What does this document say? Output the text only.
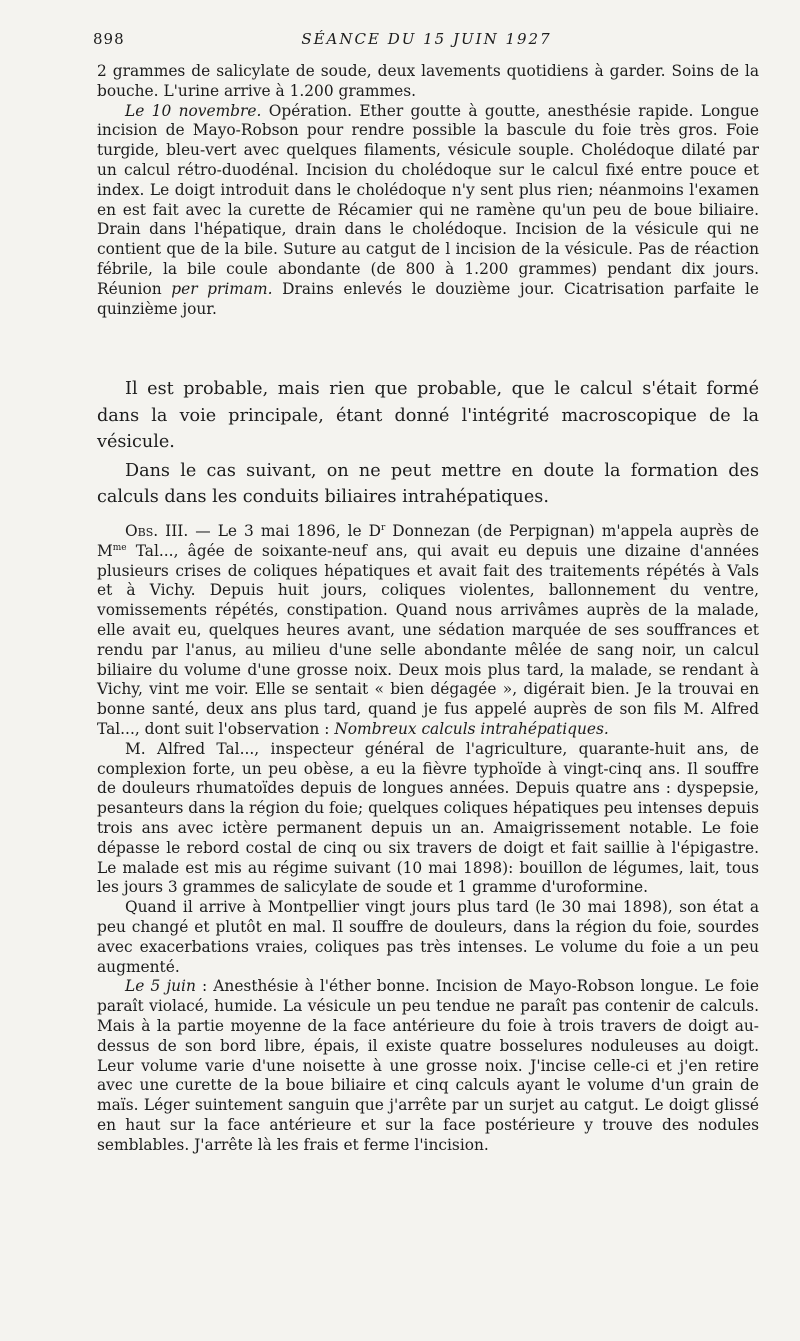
898	SÉANCE DU 15 JUIN 1927

2 grammes de salicylate de soude, deux lavements quotidiens à garder. Soins de la bouche. L'urine arrive à 1.200 grammes.

Le 10 novembre. Opération. Ether goutte à goutte, anesthésie rapide. Longue incision de Mayo-Robson pour rendre possible la bascule du foie très gros. Foie turgide, bleu-vert avec quelques filaments, vésicule souple. Cholédoque dilaté par un calcul rétro-duodénal. Incision du cholédoque sur le calcul fixé entre pouce et index. Le doigt introduit dans le cholédoque n'y sent plus rien; néanmoins l'examen en est fait avec la curette de Récamier qui ne ramène qu'un peu de boue biliaire. Drain dans l'hépatique, drain dans le cholédoque. Incision de la vésicule qui ne contient que de la bile. Suture au catgut de l incision de la vésicule. Pas de réaction fébrile, la bile coule abondante (de 800 à 1.200 grammes) pendant dix jours. Réunion per primam. Drains enlevés le douzième jour. Cicatrisation parfaite le quinzième jour.

Il est probable, mais rien que probable, que le calcul s'était formé dans la voie principale, étant donné l'intégrité macroscopique de la vésicule.

Dans le cas suivant, on ne peut mettre en doute la formation des calculs dans les conduits biliaires intrahépatiques.

Obs. III. — Le 3 mai 1896, le $D^r$ Donnezan (de Perpignan) m'appela auprès de $M^{me}$ Tal..., âgée de soixante-neuf ans, qui avait eu depuis une dizaine d'années plusieurs crises de coliques hépatiques et avait fait des traitements répétés à Vals et à Vichy. Depuis huit jours, coliques violentes, ballonnement du ventre, vomissements répétés, constipation. Quand nous arrivâmes auprès de la malade, elle avait eu, quelques heures avant, une sédation marquée de ses souffrances et rendu par l'anus, au milieu d'une selle abondante mêlée de sang noir, un calcul biliaire du volume d'une grosse noix. Deux mois plus tard, la malade, se rendant à Vichy, vint me voir. Elle se sentait « bien dégagée », digérait bien. Je la trouvai en bonne santé, deux ans plus tard, quand je fus appelé auprès de son fils M. Alfred Tal..., dont suit l'observation : Nombreux calculs intrahépatiques.

M. Alfred Tal..., inspecteur général de l'agriculture, quarante-huit ans, de complexion forte, un peu obèse, a eu la fièvre typhoïde à vingt-cinq ans. Il souffre de douleurs rhumatoïdes depuis de longues années. Depuis quatre ans : dyspepsie, pesanteurs dans la région du foie; quelques coliques hépatiques peu intenses depuis trois ans avec ictère permanent depuis un an. Amaigrissement notable. Le foie dépasse le rebord costal de cinq ou six travers de doigt et fait saillie à l'épigastre. Le malade est mis au régime suivant (10 mai 1898): bouillon de légumes, lait, tous les jours 3 grammes de salicylate de soude et 1 gramme d'uroformine.

Quand il arrive à Montpellier vingt jours plus tard (le 30 mai 1898), son état a peu changé et plutôt en mal. Il souffre de douleurs, dans la région du foie, sourdes avec exacerbations vraies, coliques pas très intenses. Le volume du foie a un peu augmenté.

Le 5 juin : Anesthésie à l'éther bonne. Incision de Mayo-Robson longue. Le foie paraît violacé, humide. La vésicule un peu tendue ne paraît pas contenir de calculs. Mais à la partie moyenne de la face antérieure du foie à trois travers de doigt au-dessus de son bord libre, épais, il existe quatre bosselures noduleuses au doigt. Leur volume varie d'une noisette à une grosse noix. J'incise celle-ci et j'en retire avec une curette de la boue biliaire et cinq calculs ayant le volume d'un grain de maïs. Léger suintement sanguin que j'arrête par un surjet au catgut. Le doigt glissé en haut sur la face antérieure et sur la face postérieure y trouve des nodules semblables. J'arrête là les frais et ferme l'incision.
